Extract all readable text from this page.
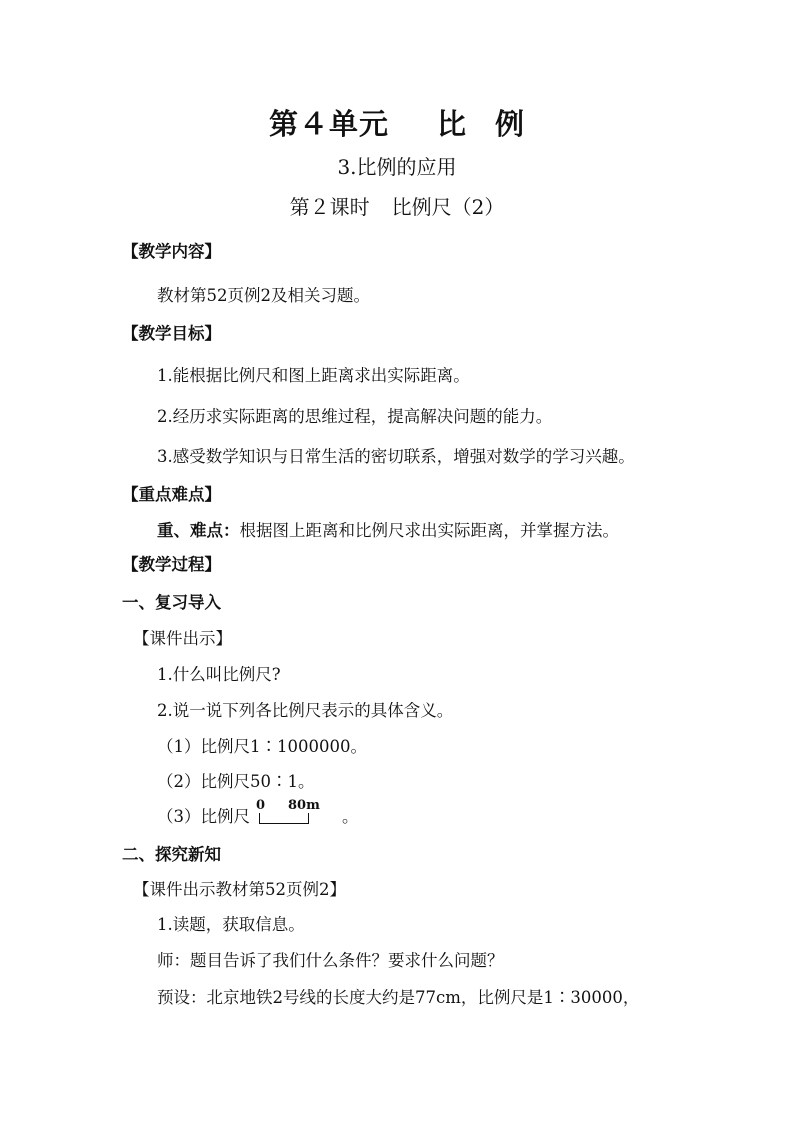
第４单元 比 例
3.比例的应用
第２课时 比例尺（2）
【教学内容】
教材第52页例2及相关习题。
【教学目标】
1.能根据比例尺和图上距离求出实际距离。
2.经历求实际距离的思维过程，提高解决问题的能力。
3.感受数学知识与日常生活的密切联系，增强对数学的学习兴趣。
【重点难点】
重、难点：根据图上距离和比例尺求出实际距离，并掌握方法。
【教学过程】
一、复习导入
【课件出示】
1.什么叫比例尺?
2.说一说下列各比例尺表示的具体含义。
（1）比例尺1∶1000000。
（2）比例尺50∶1。
（3）比例尺
0 80m
。
二、探究新知
【课件出示教材第52页例2】
1.读题，获取信息。
师：题目告诉了我们什么条件？要求什么问题？
预设：北京地铁2号线的长度大约是77cm，比例尺是1∶30000，
